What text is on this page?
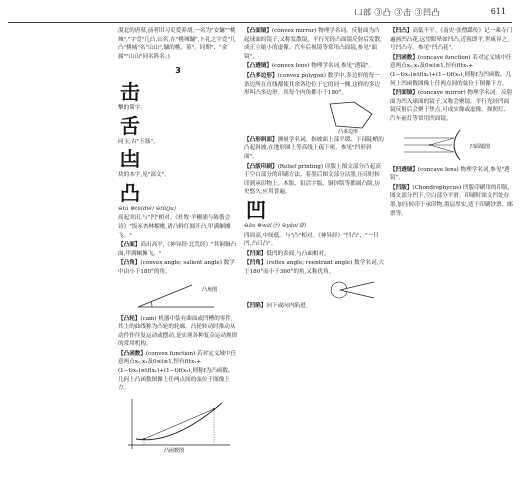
凵部 ③凸 ③击 ③凹凸	611

漠北的唐墓,前者旧习吏爱养胡,一名为"安镛""桃城","宇壹"几凸,山名,在"桃城镛",卜礼之宇壹"几凸"桃城"名"山山",镛的桃、墓"。同期"、"金属""山山"同名阵名。)

3
击

撃的简字。

舌

同玉,古"玉簋"。

凷

块的本字,见"部文"。

凸

⊖tú ⊜tū(dié) ⊝tū(ju)

高起突出,与"凹"相对。《杜牧·羊栅浦与陈偕会诗》"饭豕杏林榴桃,诸凸鲜红圆开凸,甲满蛔摊飞。"

【凸面】高出高平,《神异经·北荒经》"其铜铜凸面,甲满蛔摊飞。"

【凸角】(convex angle; salient angle) 数学中由小于180°的角。

凸角图

【凸轮】(cam) 机器中装有曲面或凹槽的零件,其上的曲线称为凸轮的轮廓。凸轮转动时推动从动件作往复运动或摆动,是实现各种复杂运动规律的常用机构。

【凸函数】(convex function) 若对定义域中任意两点x₁,x₂及0≤t≤1,恒有f(tx₁+(1−t)x₂)≤tf(x₁)+(1−t)f(x₂),则称f为凸函数。几何上凸函数图像上任两点间的弦位于图像上方。

凸函数图

【凸面镜】(convex mirror) 物理学名词。反射面为凸起球面的镜子,又称发散镜。平行光经凸面镜反射后发散,成正立缩小的虚像。汽车后视镜等常用凸面镜,参见"面镜"。

【凸透镜】(convex lens) 物理学名词,参见"透镜"。

【凸多边形】(convex polygon) 数学中,多边形的每一条边所在直线都使其余各边位于它的同一侧,这样的多边形叫凸多边形。其每个内角都小于180°。

凸多边形

【凸形斜面】测量学名词。指坡面上部平缓、下部陡峭的凸起斜坡,在地形图上等高线上疏下密。参见"凹形斜面"。

【凸版印刷】(Relief printing) 印版上图文部分凸起高于空白部分的印刷方法。着墨后图文部分沾墨,压印时转印到承印物上。木版、铅活字版、铜锌版等都属凸版,历史悠久,应用普遍。

凹

⊖āo ⊜wā(汪) ⊝yǎo(窅)

四周高,中间低。与"凸"相对。《神异经》"凹凸"、"一曰凹,凸曰凸"。

【凹面】低凹的表面,与凸面相对。

【凹角】(reflex angle; reentrant angle) 数学名词,大于180°而小于360°的角,又称优角。

【凹陷】向下或向内陷进。

【凹凸】高低不平。《南史·张僧繇传》记一乘寺门遍画凹凸花,远望眼晕如凹凸,近视即平,世咸异之,号凹凸寺。参见"凹凸花"。

【凹函数】(concave function) 若对定义域中任意两点x₁,x₂及0≤t≤1,恒有f(tx₁+(1−t)x₂)≥tf(x₁)+(1−t)f(x₂),则称f为凹函数。几何上凹函数图像上任两点间的弦位于图像下方。

【凹面镜】(concave mirror) 物理学名词。反射面为凹入球面的镜子,又称会聚镜。平行光经凹面镜反射后会聚于焦点,可成实像或虚像。探照灯、汽车前灯等常用凹面镜。

凹面镜图

【凹透镜】(concave lens) 物理学名词,参见"透镜"。

【凹版】(Chondrophycus) 凹版印刷用的印版,图文部分凹下,空白部分平滑。印刷时图文凹处存墨,加压转印于承印物,墨层厚实,适于印刷钞票、邮票等。
